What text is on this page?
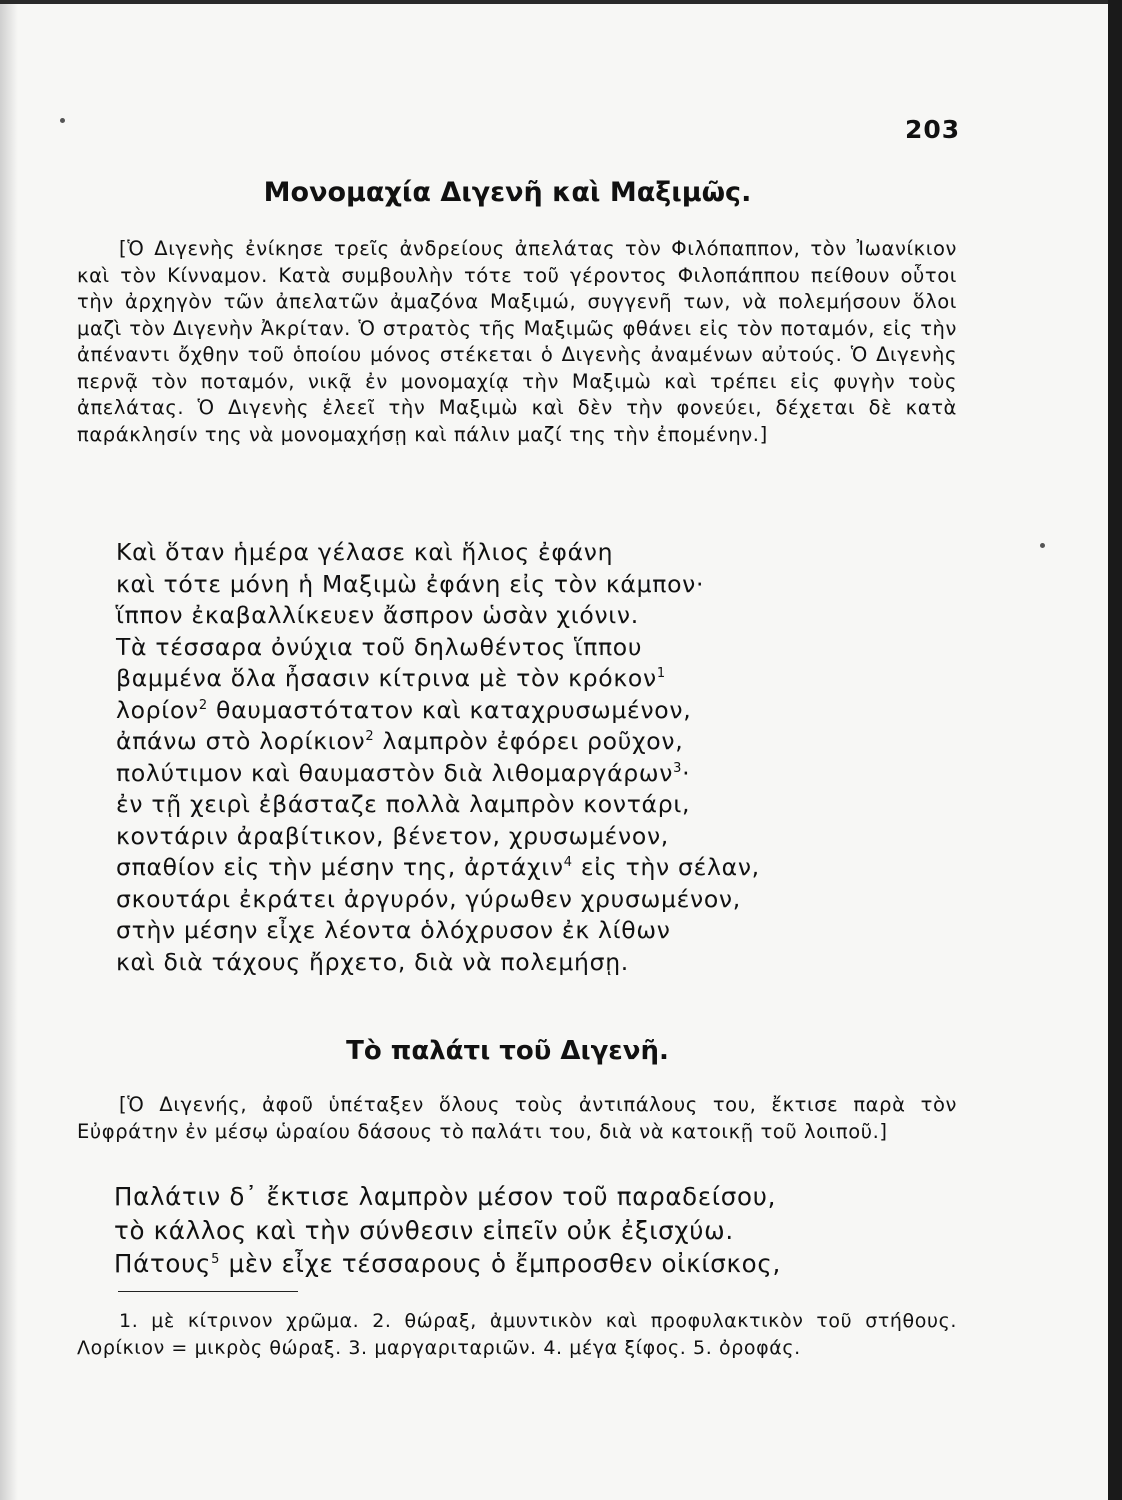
203
Μονομαχία Διγενῆ καὶ Μαξιμῶς.

[Ὁ Διγενὴς ἐνίκησε τρεῖς ἀνδρείους ἀπελάτας τὸν Φιλόπαππον, τὸν Ἰωανίκιον καὶ τὸν Κίνναμον. Κατὰ συμβουλὴν τότε τοῦ γέροντος Φιλοπάππου πείθουν οὗτοι τὴν ἀρχηγὸν τῶν ἀπελατῶν ἀμαζόνα Μαξιμώ, συγγενῆ των, νὰ πολεμήσουν ὅλοι μαζὶ τὸν Διγενὴν Ἀκρίταν. Ὁ στρατὸς τῆς Μαξιμῶς φθάνει εἰς τὸν ποταμόν, εἰς τὴν ἀπέναντι ὄχθην τοῦ ὁποίου μόνος στέκεται ὁ Διγενὴς ἀναμένων αὐτούς. Ὁ Διγενὴς περνᾷ τὸν ποταμόν, νικᾷ ἐν μονομαχίᾳ τὴν Μαξιμὼ καὶ τρέπει εἰς φυγὴν τοὺς ἀπελάτας. Ὁ Διγενὴς ἐλεεῖ τὴν Μαξιμὼ καὶ δὲν τὴν φονεύει, δέχεται δὲ κατὰ παράκλησίν της νὰ μονομαχήσῃ καὶ πάλιν μαζί της τὴν ἐπομένην.]

Καὶ ὅταν ἡμέρα γέλασε καὶ ἥλιος ἐφάνη
καὶ τότε μόνη ἡ Μαξιμὼ ἐφάνη εἰς τὸν κάμπον·
ἵππον ἐκαβαλλίκευεν ἄσπρον ὡσὰν χιόνιν.
Τὰ τέσσαρα ὀνύχια τοῦ δηλωθέντος ἵππου
βαμμένα ὅλα ἦσασιν κίτρινα μὲ τὸν κρόκον$^1$
λορίον$^2$ θαυμαστότατον καὶ καταχρυσωμένον,
ἀπάνω στὸ λορίκιον$^2$ λαμπρὸν ἐφόρει ροῦχον,
πολύτιμον καὶ θαυμαστὸν διὰ λιθομαργάρων$^3$·
ἐν τῇ χειρὶ ἐβάσταζε πολλὰ λαμπρὸν κοντάρι,
κοντάριν ἀραβίτικον, βένετον, χρυσωμένον,
σπαθίον εἰς τὴν μέσην της, ἀρτάχιν$^4$ εἰς τὴν σέλαν,
σκουτάρι ἐκράτει ἀργυρόν, γύρωθεν χρυσωμένον,
στὴν μέσην εἶχε λέοντα ὁλόχρυσον ἐκ λίθων
καὶ διὰ τάχους ἤρχετο, διὰ νὰ πολεμήσῃ.
Τὸ παλάτι τοῦ Διγενῆ.

[Ὁ Διγενής, ἀφοῦ ὑπέταξεν ὅλους τοὺς ἀντιπάλους του, ἔκτισε παρὰ τὸν Εὐφράτην ἐν μέσῳ ὡραίου δάσους τὸ παλάτι του, διὰ νὰ κατοικῇ τοῦ λοιποῦ.]

Παλάτιν δ᾽ ἔκτισε λαμπρὸν μέσον τοῦ παραδείσου,
τὸ κάλλος καὶ τὴν σύνθεσιν εἰπεῖν οὐκ ἐξισχύω.
Πάτους$^5$ μὲν εἶχε τέσσαρους ὁ ἔμπροσθεν οἰκίσκος,

1. μὲ κίτρινον χρῶμα. 2. θώραξ, ἀμυντικὸν καὶ προφυλακτικὸν τοῦ στήθους. Λορίκιον = μικρὸς θώραξ. 3. μαργαριταριῶν. 4. μέγα ξίφος. 5. ὀροφάς.
